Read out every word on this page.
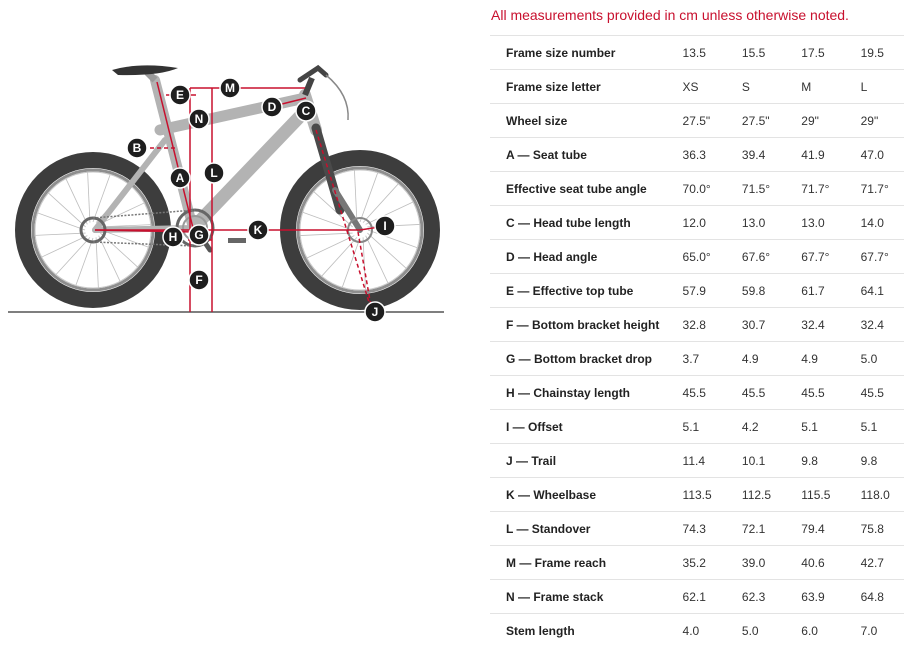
All measurements provided in cm unless otherwise noted.
A
B
C
D
E
F
G
H
I
J
K
L
M
N
Frame size number	13.5	15.5	17.5	19.5
Frame size letter	XS	S	M	L
Wheel size	27.5"	27.5"	29"	29"
A — Seat tube	36.3	39.4	41.9	47.0
Effective seat tube angle	70.0°	71.5°	71.7°	71.7°
C — Head tube length	12.0	13.0	13.0	14.0
D — Head angle	65.0°	67.6°	67.7°	67.7°
E — Effective top tube	57.9	59.8	61.7	64.1
F — Bottom bracket height	32.8	30.7	32.4	32.4
G — Bottom bracket drop	3.7	4.9	4.9	5.0
H — Chainstay length	45.5	45.5	45.5	45.5
I — Offset	5.1	4.2	5.1	5.1
J — Trail	11.4	10.1	9.8	9.8
K — Wheelbase	113.5	112.5	115.5	118.0
L — Standover	74.3	72.1	79.4	75.8
M — Frame reach	35.2	39.0	40.6	42.7
N — Frame stack	62.1	62.3	63.9	64.8
Stem length	4.0	5.0	6.0	7.0
